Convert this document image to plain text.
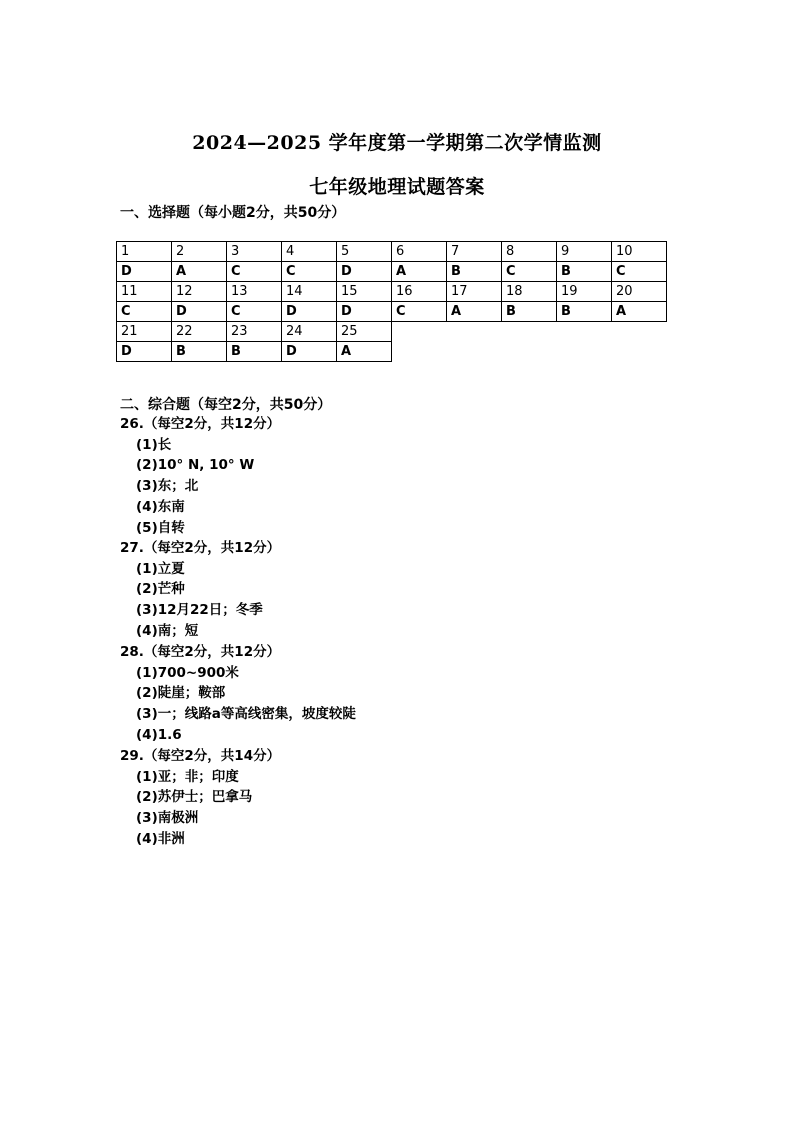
2024—2025 学年度第一学期第二次学情监测
七年级地理试题答案
一、选择题（每小题2分，共50分）
1	2	3	4	5	6	7	8	9	10
D	A	C	C	D	A	B	C	B	C
11	12	13	14	15	16	17	18	19	20
C	D	C	D	D	C	A	B	B	A
21	22	23	24	25					
D	B	B	D	A					
二、综合题（每空2分，共50分）
26.（每空2分，共12分）
(1)长
(2)10° N, 10° W
(3)东；北
(4)东南
(5)自转
27.（每空2分，共12分）
(1)立夏
(2)芒种
(3)12月22日；冬季
(4)南；短
28.（每空2分，共12分）
(1)700~900米
(2)陡崖；鞍部
(3)一；线路a等高线密集，坡度较陡
(4)1.6
29.（每空2分，共14分）
(1)亚；非；印度
(2)苏伊士；巴拿马
(3)南极洲
(4)非洲
